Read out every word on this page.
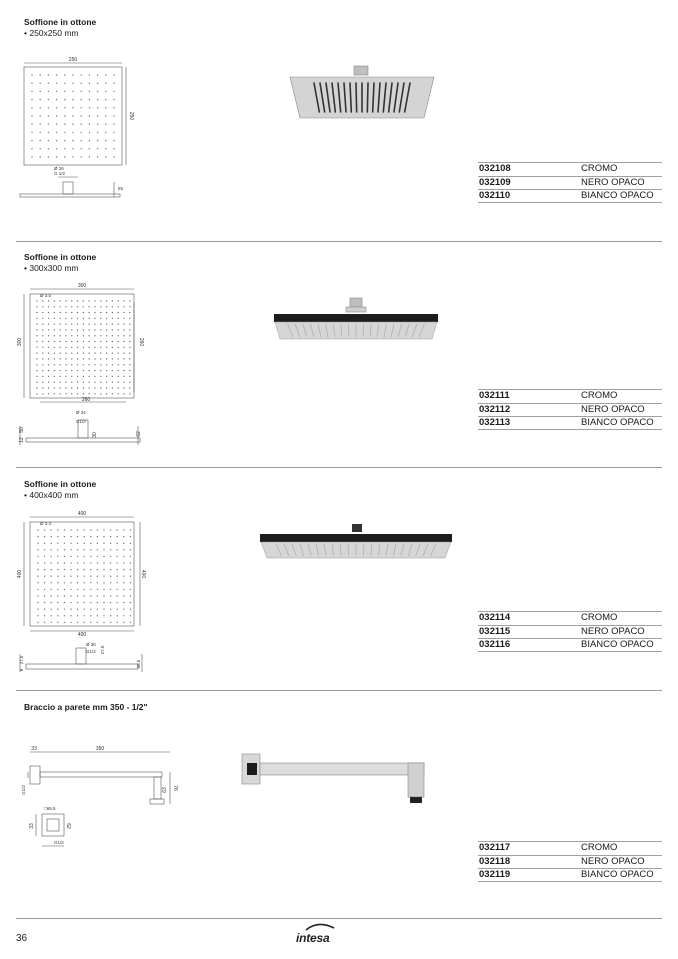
Soffione in ottone
• 250x250 mm
250
250
Ø 26
G 1/2
85
032108	CROMO
032109	NERO OPACO
032110	BIANCO OPACO
Soffione in ottone
• 300x300 mm
300
300
Ø 3.5
260
260
Ø 34
G1/2
30	62
12
50
032111	CROMO
032112	NERO OPACO
032113	BIANCO OPACO
Soffione in ottone
• 400x400 mm
400
400
Ø 3.3
400
400
Ø 30
G1/2 27.5
36.5
8
27.5
032114	CROMO
032115	NERO OPACO
032116	BIANCO OPACO
Braccio a parete mm 350 - 1/2"
33	350
G1/2	63 76
□65.5
33	62
G1/2	032117	CROMO
032118	NERO OPACO
032119	BIANCO OPACO
36	intesa
